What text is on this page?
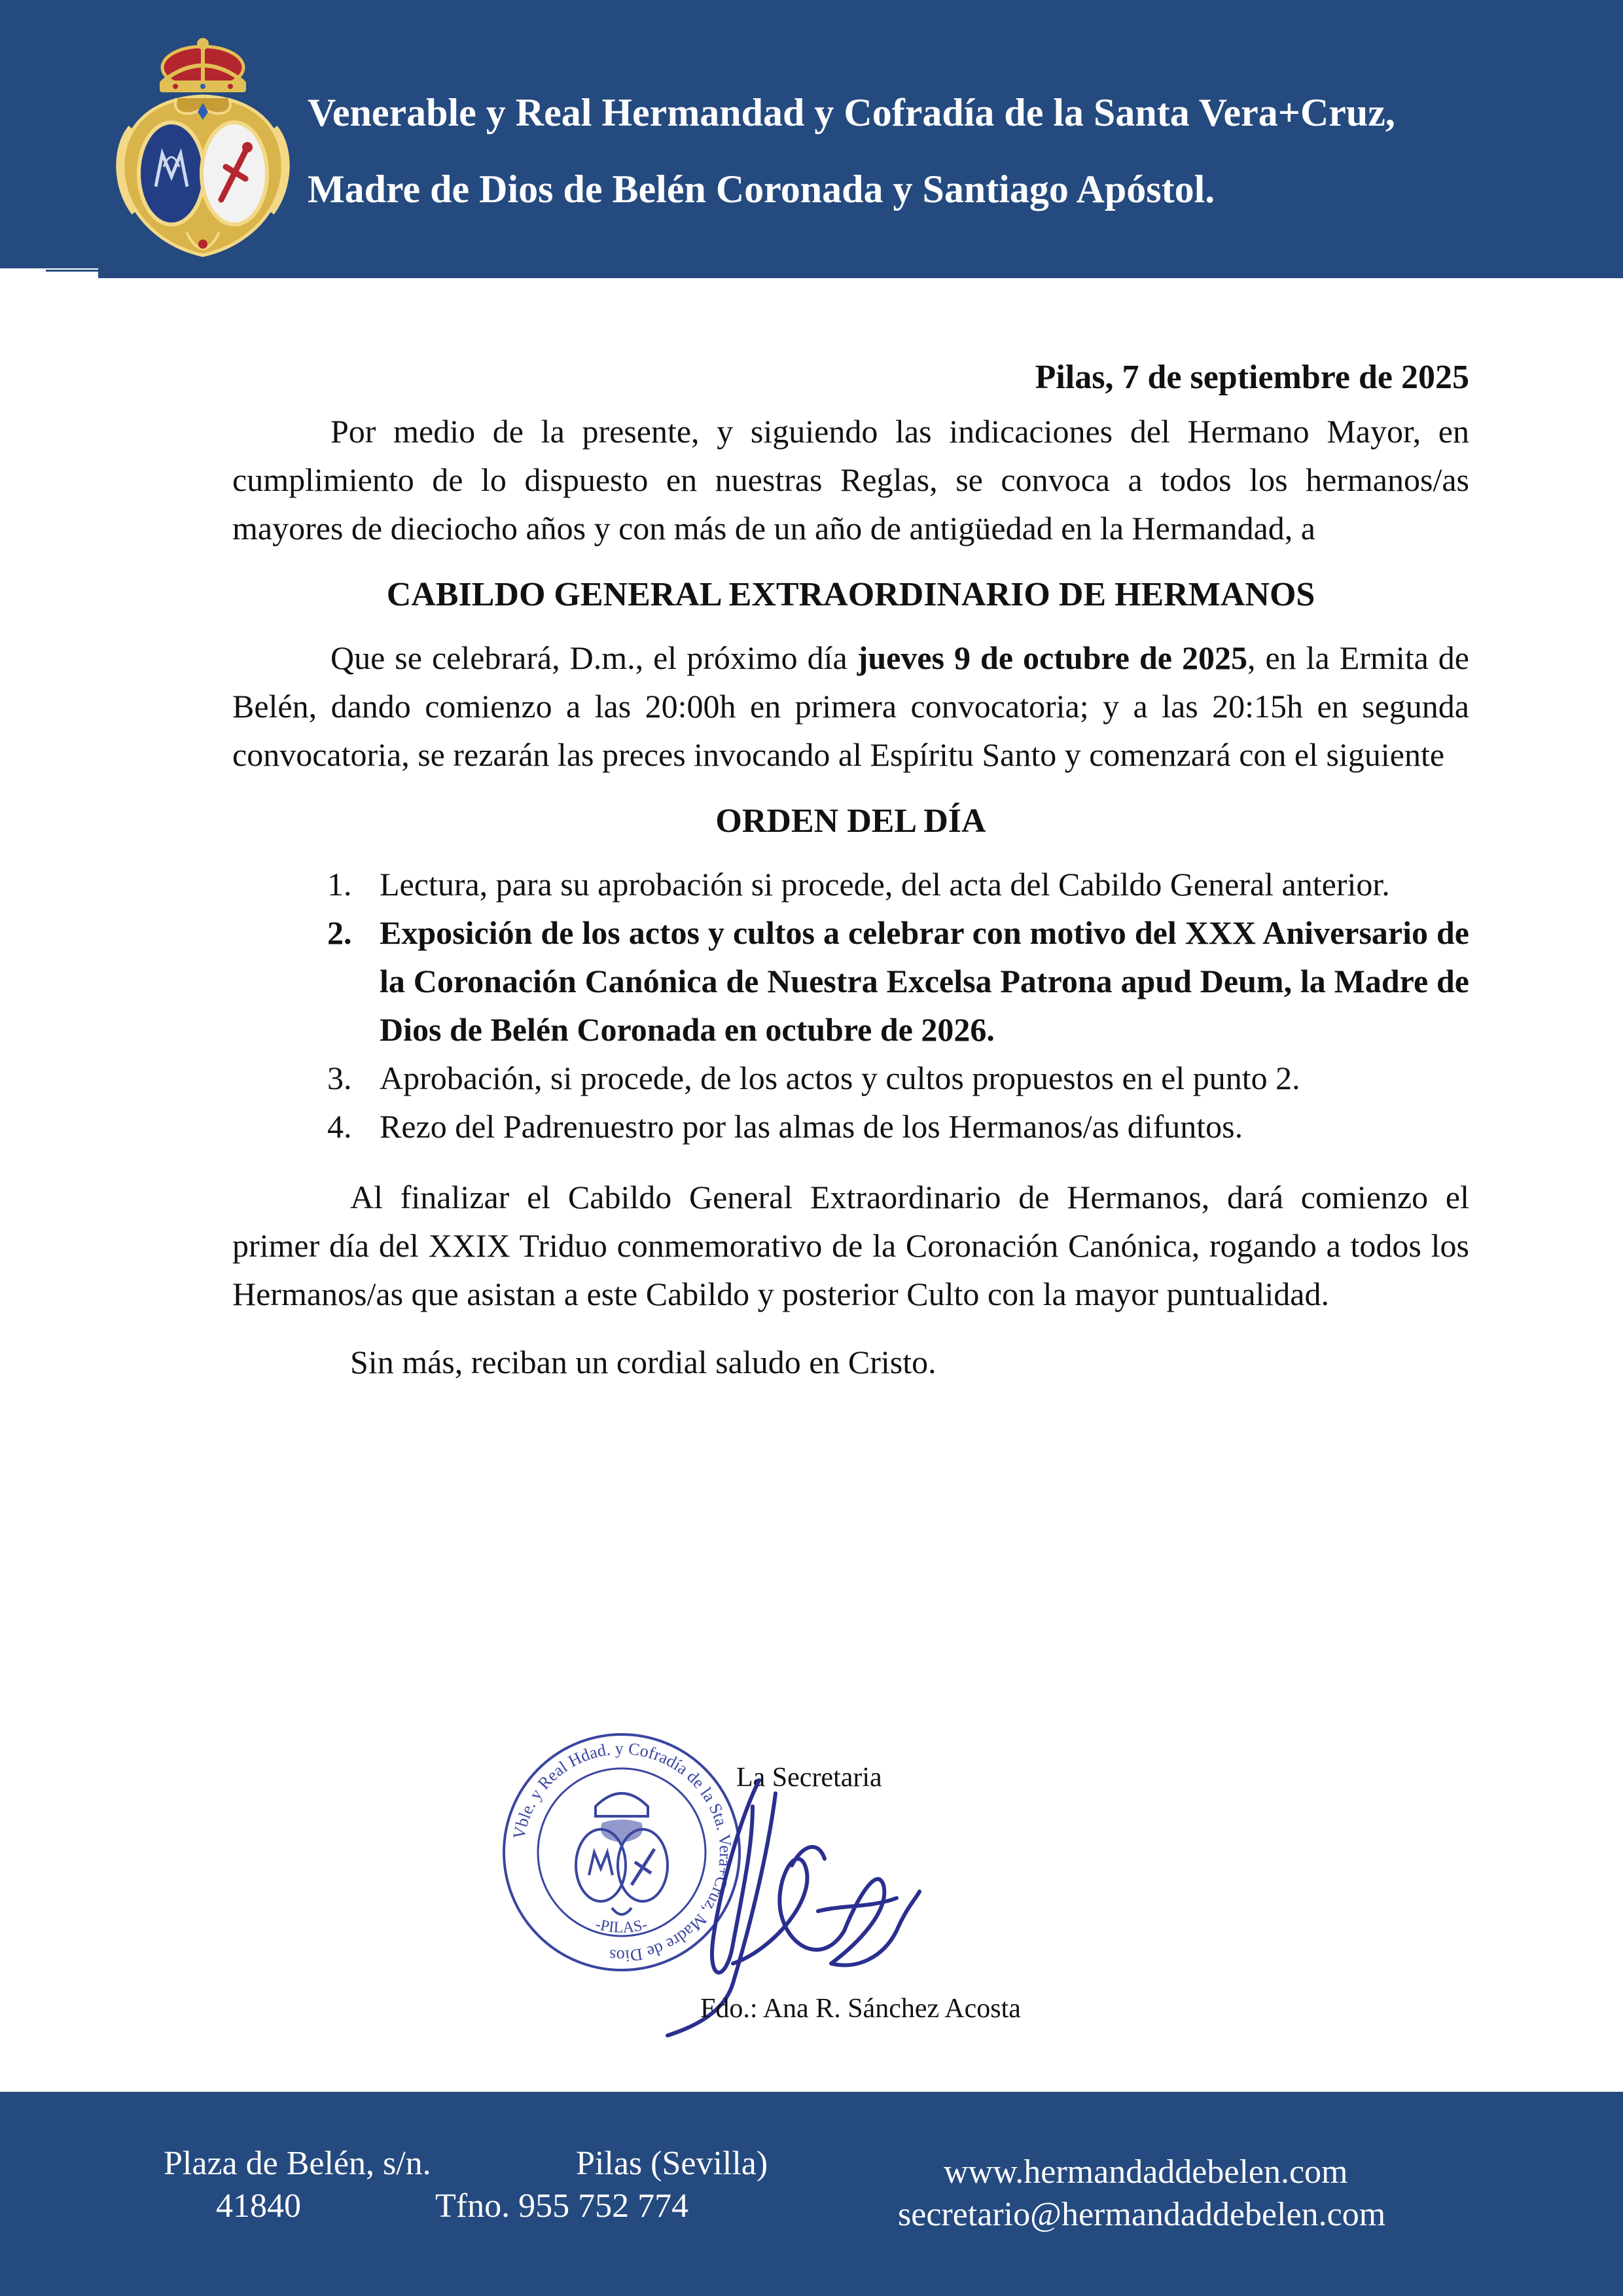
Venerable y Real Hermandad y Cofradía de la Santa Vera+Cruz,
Madre de Dios de Belén Coronada y Santiago Apóstol.

Pilas, 7 de septiembre de 2025

Por medio de la presente, y siguiendo las indicaciones del Hermano Mayor, en cumplimiento de lo dispuesto en nuestras Reglas, se convoca a todos los hermanos/as mayores de dieciocho años y con más de un año de antigüedad en la Hermandad, a

CABILDO GENERAL EXTRAORDINARIO DE HERMANOS

Que se celebrará, D.m., el próximo día jueves 9 de octubre de 2025, en la Ermita de Belén, dando comienzo a las 20:00h en primera convocatoria; y a las 20:15h en segunda convocatoria, se rezarán las preces invocando al Espíritu Santo y comenzará con el siguiente

ORDEN DEL DÍA

1. Lectura, para su aprobación si procede, del acta del Cabildo General anterior.
2. Exposición de los actos y cultos a celebrar con motivo del XXX Aniversario de la Coronación Canónica de Nuestra Excelsa Patrona apud Deum, la Madre de Dios de Belén Coronada en octubre de 2026.
3. Aprobación, si procede, de los actos y cultos propuestos en el punto 2.
4. Rezo del Padrenuestro por las almas de los Hermanos/as difuntos.

Al finalizar el Cabildo General Extraordinario de Hermanos, dará comienzo el primer día del XXIX Triduo conmemorativo de la Coronación Canónica, rogando a todos los Hermanos/as que asistan a este Cabildo y posterior Culto con la mayor puntualidad.

Sin más, reciban un cordial saludo en Cristo.

Vble. y Real Hdad. y Cofradía de la Sta. Vera+Cruz, Madre de Dios
-PILAS-
La Secretaria
Fdo.: Ana R. Sánchez Acosta
Plaza de Belén, s/n.	Pilas (Sevilla)
41840	Tfno. 955 752 774
www.hermandaddebelen.com
secretario@hermandaddebelen.com
